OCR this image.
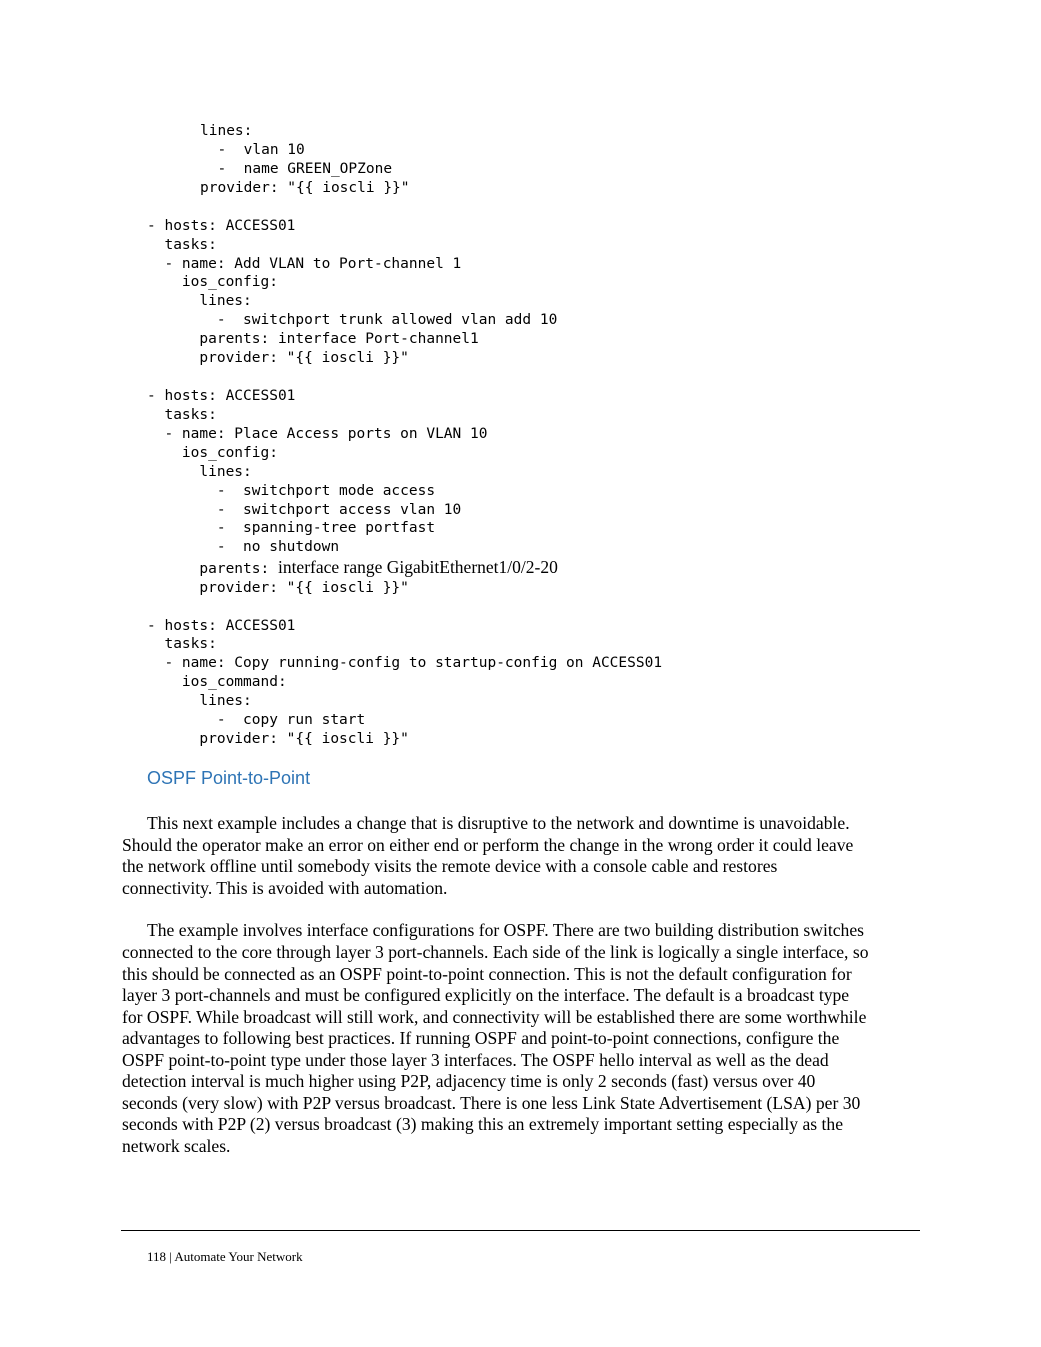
lines:
-  vlan 10
-  name GREEN_OPZone
provider: "{{ ioscli }}"
- hosts: ACCESS01
tasks:
- name: Add VLAN to Port-channel 1
ios_config:
lines:
-  switchport trunk allowed vlan add 10
parents: interface Port-channel1
provider: "{{ ioscli }}"
- hosts: ACCESS01
tasks:
- name: Place Access ports on VLAN 10
ios_config:
lines:
-  switchport mode access
-  switchport access vlan 10
-  spanning-tree portfast
-  no shutdown
parents: interface range GigabitEthernet1/0/2-20
provider: "{{ ioscli }}"
- hosts: ACCESS01
tasks:
- name: Copy running-config to startup-config on ACCESS01
ios_command:
lines:
-  copy run start
provider: "{{ ioscli }}"
OSPF Point-to-Point
This next example includes a change that is disruptive to the network and downtime is unavoidable.
Should the operator make an error on either end or perform the change in the wrong order it could leave
the network offline until somebody visits the remote device with a console cable and restores
connectivity. This is avoided with automation.
The example involves interface configurations for OSPF. There are two building distribution switches
connected to the core through layer 3 port-channels. Each side of the link is logically a single interface, so
this should be connected as an OSPF point-to-point connection. This is not the default configuration for
layer 3 port-channels and must be configured explicitly on the interface. The default is a broadcast type
for OSPF. While broadcast will still work, and connectivity will be established there are some worthwhile
advantages to following best practices. If running OSPF and point-to-point connections, configure the
OSPF point-to-point type under those layer 3 interfaces. The OSPF hello interval as well as the dead
detection interval is much higher using P2P, adjacency time is only 2 seconds (fast) versus over 40
seconds (very slow) with P2P versus broadcast. There is one less Link State Advertisement (LSA) per 30
seconds with P2P (2) versus broadcast (3) making this an extremely important setting especially as the
network scales.
118 | Automate Your Network
